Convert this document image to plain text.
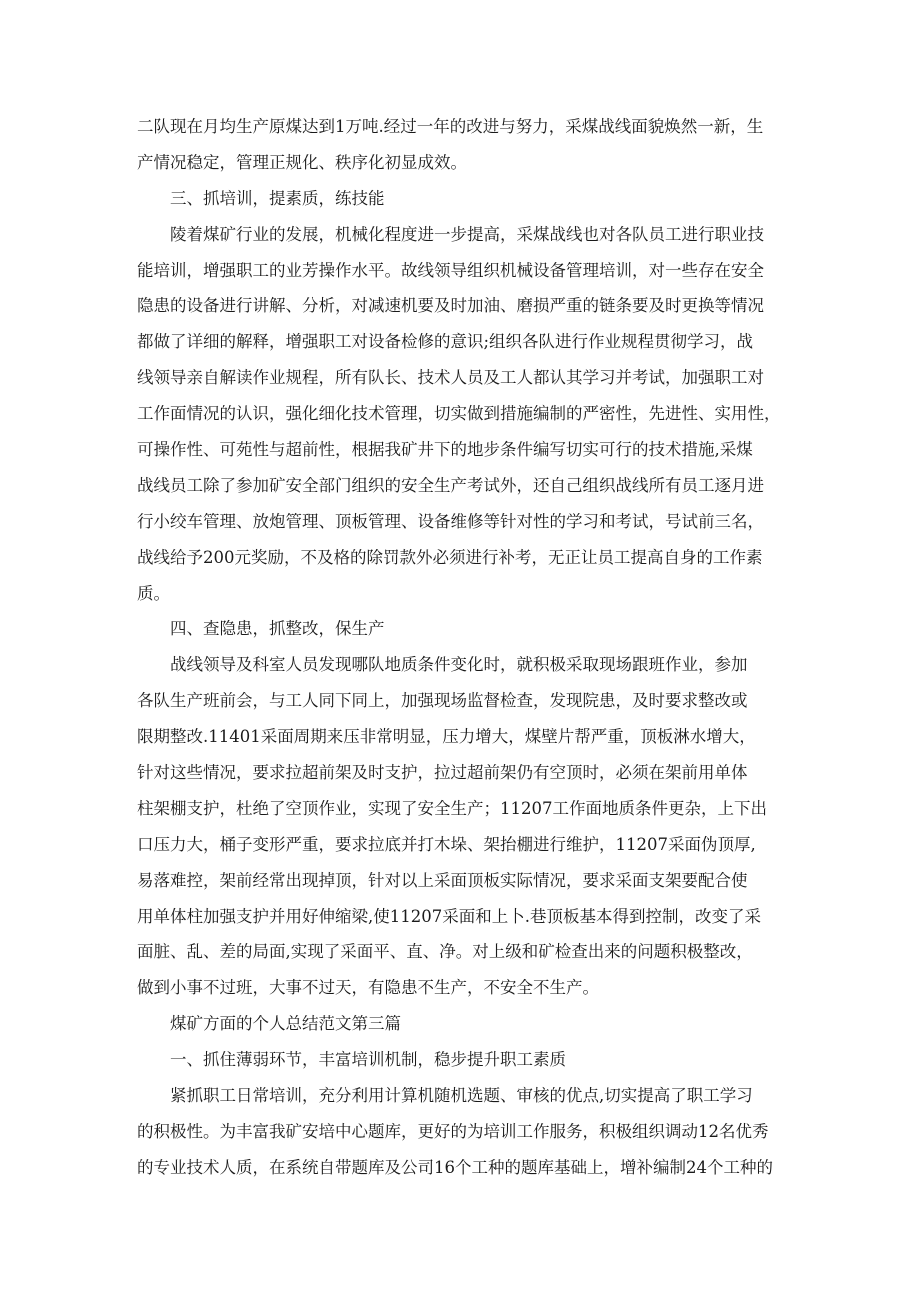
二队现在月均生产原煤达到1万吨.经过一年的改进与努力，采煤战线面貌焕然一新，生
产情况稳定，管理正规化、秩序化初显成效。
三、抓培训，提素质，练技能
陵着煤矿行业的发展，机械化程度进一步提高，采煤战线也对各队员工进行职业技
能培训，增强职工的业芳操作水平。故线领导组织机械设备管理培训，对一些存在安全
隐患的设备进行讲解、分析，对减速机要及时加油、磨损严重的链条要及时更换等情况
都做了详细的解释，增强职工对设备检修的意识;组织各队进行作业规程贯彻学习，战
线领导亲自解读作业规程，所有队长、技术人员及工人都认其学习并考试，加强职工对
工作面情况的认识，强化细化技术管理，切实做到措施编制的严密性，先进性、实用性，
可操作性、可苑性与超前性，根据我矿井下的地步条件编写切实可行的技术措施,采煤
战线员工除了参加矿安全部门组织的安全生产考试外，还自己组织战线所有员工逐月进
行小绞车管理、放炮管理、顶板管理、设备维修等针对性的学习和考试，号试前三名，
战线给予200元奖励，不及格的除罚款外必须进行补考，无正让员工提高自身的工作素
质。
四、查隐患，抓整改，保生产
战线领导及科室人员发现哪队地质条件变化时，就积极采取现场跟班作业，参加
各队生产班前会，与工人同下同上，加强现场监督检查，发现院患，及时要求整改或
限期整改.11401采面周期来压非常明显，压力增大，煤壁片帮严重，顶板淋水增大，
针对这些情况，要求拉超前架及时支护，拉过超前架仍有空顶时，必须在架前用单体
柱架棚支护，杜绝了空顶作业，实现了安全生产；11207工作面地质条件更杂，上下出
口压力大，桶子变形严重，要求拉底并打木垛、架抬棚进行维护，11207采面伪顶厚,
易落难控，架前经常出现掉顶，针对以上采面顶板实际情况，要求采面支架要配合使
用单体柱加强支护并用好伸缩梁,使11207采面和上卜.巷顶板基本得到控制，改变了采
面脏、乱、差的局面,实现了采面平、直、净。对上级和矿检查出来的问题积极整改，
做到小事不过班，大事不过天，有隐患不生产，不安全不生产。
煤矿方面的个人总结范文第三篇
一、抓住薄弱环节，丰富培训机制，稳步提升职工素质
紧抓职工日常培训，充分利用计算机随机选题、审核的优点,切实提高了职工学习
的积极性。为丰富我矿安培中心题库，更好的为培训工作服务，积极组织调动12名优秀
的专业技术人质，在系统自带题库及公司16个工种的题库基础上，增补编制24个工种的
